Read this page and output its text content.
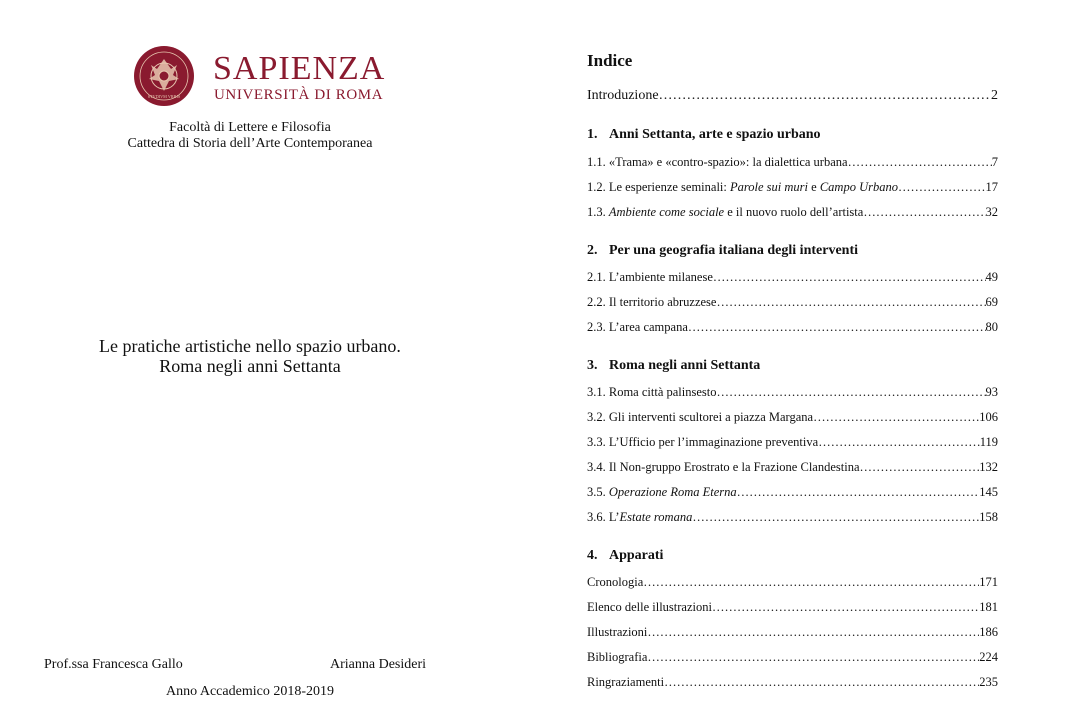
STVDIVM VRBIS
SAPIENZA
UNIVERSITÀ DI ROMA
Facoltà di Lettere e Filosofia
Cattedra di Storia dell’Arte Contemporanea
Le pratiche artistiche nello spazio urbano.
Roma negli anni Settanta
Prof.ssa Francesca Gallo	Arianna Desideri
Anno Accademico 2018-2019
Indice
Introduzione …………………………………………………………………………………………………………………………………………	2
1. Anni Settanta, arte e spazio urbano
1.1. «Trama» e «contro-spazio»: la dialettica urbana …………………………………………………………………………………………………………………………………………	7
1.2. Le esperienze seminali: Parole sui muri e Campo Urbano …………………………………………………………………………………………………………………………………………	17
1.3. Ambiente come sociale e il nuovo ruolo dell’artista …………………………………………………………………………………………………………………………………………	32
2. Per una geografia italiana degli interventi
2.1. L’ambiente milanese …………………………………………………………………………………………………………………………………………	49
2.2. Il territorio abruzzese …………………………………………………………………………………………………………………………………………	69
2.3. L’area campana …………………………………………………………………………………………………………………………………………	80
3. Roma negli anni Settanta
3.1. Roma città palinsesto …………………………………………………………………………………………………………………………………………	93
3.2. Gli interventi scultorei a piazza Margana …………………………………………………………………………………………………………………………………………	106
3.3. L’Ufficio per l’immaginazione preventiva …………………………………………………………………………………………………………………………………………	119
3.4. Il Non-gruppo Erostrato e la Frazione Clandestina …………………………………………………………………………………………………………………………………………	132
3.5. Operazione Roma Eterna …………………………………………………………………………………………………………………………………………	145
3.6. L’Estate romana …………………………………………………………………………………………………………………………………………	158
4. Apparati
Cronologia …………………………………………………………………………………………………………………………………………	171
Elenco delle illustrazioni …………………………………………………………………………………………………………………………………………	181
Illustrazioni …………………………………………………………………………………………………………………………………………	186
Bibliografia …………………………………………………………………………………………………………………………………………	224
Ringraziamenti …………………………………………………………………………………………………………………………………………	235
